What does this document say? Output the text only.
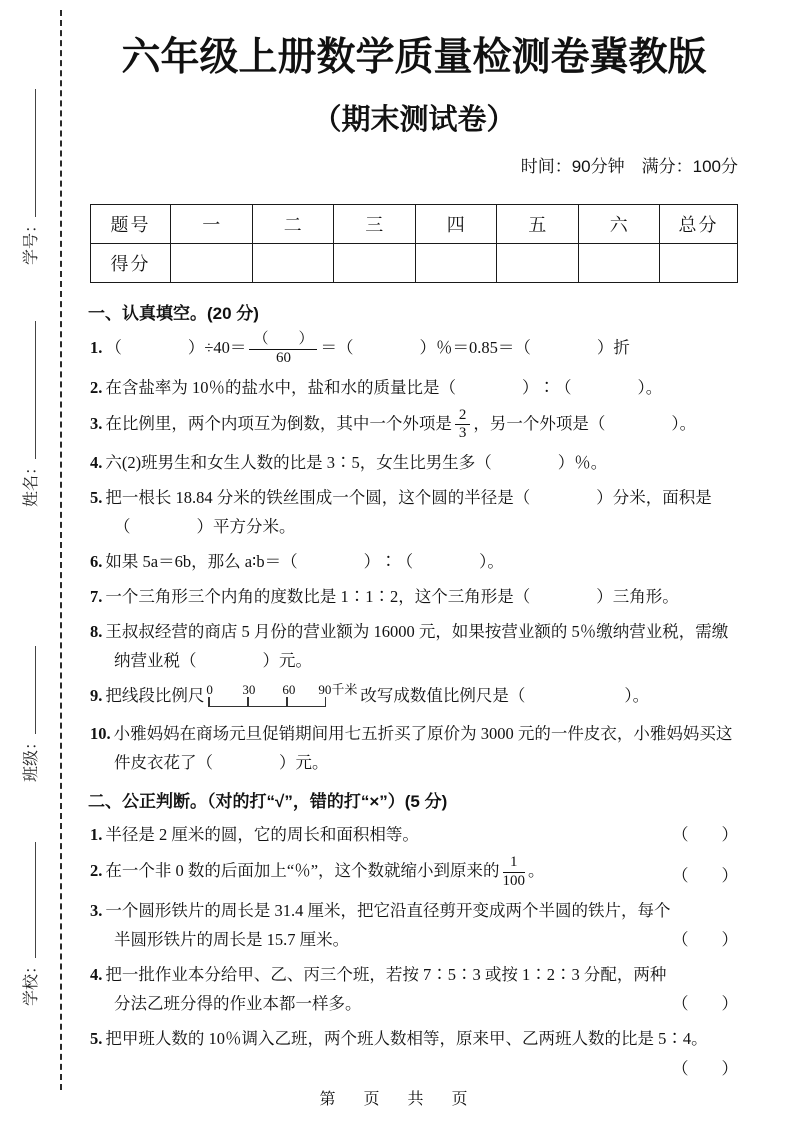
学号：
姓名：
班级：
学校：
六年级上册数学质量检测卷冀教版
（期末测试卷）
时间：90分钟　满分：100分
题号	一	二	三	四	五	六	总分
得分							
一、认真填空。(20 分)
1. （　　　　）$\div 40= \frac{( )}{60}$ ＝（　　　　）％＝0.85＝（　　　　）折
2. 在含盐率为 10％的盐水中，盐和水的质量比是（　　　　）∶（　　　　）。
3. 在比例里，两个内项互为倒数，其中一个外项是 $\frac{2}{3}$ ，另一个外项是（　　　　）。
4. 六(2)班男生和女生人数的比是 3∶5，女生比男生多（　　　　）％。
5. 把一根长 18.84 分米的铁丝围成一个圆，这个圆的半径是（　　　　）分米，面积是（　　　　）平方分米。
6. 如果 5a＝6b，那么 a∶b＝（　　　　）∶（　　　　）。
7. 一个三角形三个内角的度数比是 1∶1∶2，这个三角形是（　　　　）三角形。
8. 王叔叔经营的商店 5 月份的营业额为 16000 元，如果按营业额的 5％缴纳营业税，需缴纳营业税（　　　　）元。
9. 把线段比例尺 0 30 60 90千米 改写成数值比例尺是（　　　　　　）。
10. 小雅妈妈在商场元旦促销期间用七五折买了原价为 3000 元的一件皮衣，小雅妈妈买这件皮衣花了（　　　　）元。
二、公正判断。（对的打“√”，错的打“×”）(5 分)
1. 半径是 2 厘米的圆，它的周长和面积相等。	（　　）
2. 在一个非 0 数的后面加上“％”，这个数就缩小到原来的 $\frac{1}{100}$ 。	（　　）
3. 一个圆形铁片的周长是 31.4 厘米，把它沿直径剪开变成两个半圆的铁片，每个半圆形铁片的周长是 15.7 厘米。	（　　）
4. 把一批作业本分给甲、乙、丙三个班，若按 7∶5∶3 或按 1∶2∶3 分配，两种分法乙班分得的作业本都一样多。	（　　）
5. 把甲班人数的 10％调入乙班，两个班人数相等，原来甲、乙两班人数的比是 5∶4。
（　　）
第　页　共　页
